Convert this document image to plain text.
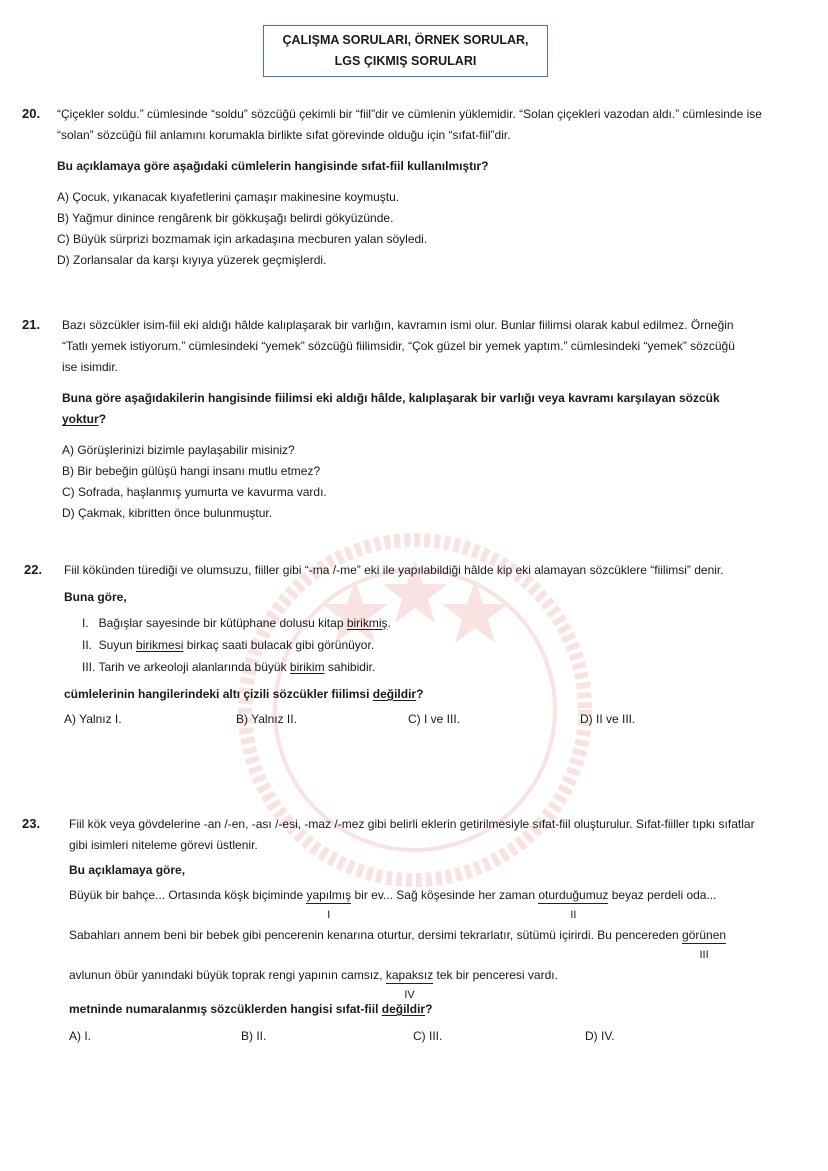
ÇALIŞMA SORULARI, ÖRNEK SORULAR,
LGS ÇIKMIŞ SORULARI
20. “Çiçekler soldu.” cümlesinde “soldu” sözcüğü çekimli bir “fiil”dir ve cümlenin yüklemidir. “Solan çiçekleri vazodan aldı.” cümlesinde ise “solan” sözcüğü fiil anlamını korumakla birlikte sıfat görevinde olduğu için “sıfat-fiil”dir.

Bu açıklamaya göre aşağıdaki cümlelerin hangisinde sıfat-fiil kullanılmıştır?

A) Çocuk, yıkanacak kıyafetlerini çamaşır makinesine koymuştu.
B) Yağmur dinince rengârenk bir gökkuşağı belirdi gökyüzünde.
C) Büyük sürprizi bozmamak için arkadaşına mecburen yalan söyledi.
D) Zorlansalar da karşı kıyıya yüzerek geçmişlerdi.
21. Bazı sözcükler isim-fiil eki aldığı hâlde kalıplaşarak bir varlığın, kavramın ismi olur. Bunlar fiilimsi olarak kabul edilmez. Örneğin “Tatlı yemek istiyorum.” cümlesindeki “yemek” sözcüğü fiilimsidir, “Çok güzel bir yemek yaptım.” cümlesindeki “yemek” sözcüğü ise isimdir.

Buna göre aşağıdakilerin hangisinde fiilimsi eki aldığı hâlde, kalıplaşarak bir varlığı veya kavramı karşılayan sözcük yoktur?

A) Görüşlerinizi bizimle paylaşabilir misiniz?
B) Bir bebeğin gülüşü hangi insanı mutlu etmez?
C) Sofrada, haşlanmış yumurta ve kavurma vardı.
D) Çakmak, kibritten önce bulunmuştur.
22. Fiil kökünden türediği ve olumsuzu, fiiller gibi “-ma /-me” eki ile yapılabildiği hâlde kip eki alamayan sözcüklere “fiilimsi” denir.

Buna göre,

I.   Bağışlar sayesinde bir kütüphane dolusu kitap birikmiş.
II.  Suyun birikmesi birkaç saati bulacak gibi görünüyor.
III. Tarih ve arkeoloji alanlarında büyük birikim sahibidir.

cümlelerinin hangilerindeki altı çizili sözcükler fiilimsi değildir?

A) Yalnız I.	B) Yalnız II.	C) I ve III.	D) II ve III.
23. Fiil kök veya gövdelerine -an /-en, -ası /-esi, -maz /-mez gibi belirli eklerin getirilmesiyle sıfat-fiil oluşturulur. Sıfat-fiiller tıpkı sıfatlar gibi isimleri niteleme görevi üstlenir.

Bu açıklamaya göre,

Büyük bir bahçe... Ortasında köşk biçiminde yapılmış
I
bir ev... Sağ köşesinde her zaman oturduğumuz
II
beyaz perdeli oda... Sabahları annem beni bir bebek gibi pencerenin kenarına oturtur, dersimi tekrarlatır, sütümü içirirdi. Bu pencereden görünen
III
avlunun öbür yanındaki büyük toprak rengi yapının camsız, kapaksız
IV
tek bir penceresi vardı.

metninde numaralanmış sözcüklerden hangisi sıfat-fiil değildir?

A) I.	B) II.	C) III.	D) IV.
